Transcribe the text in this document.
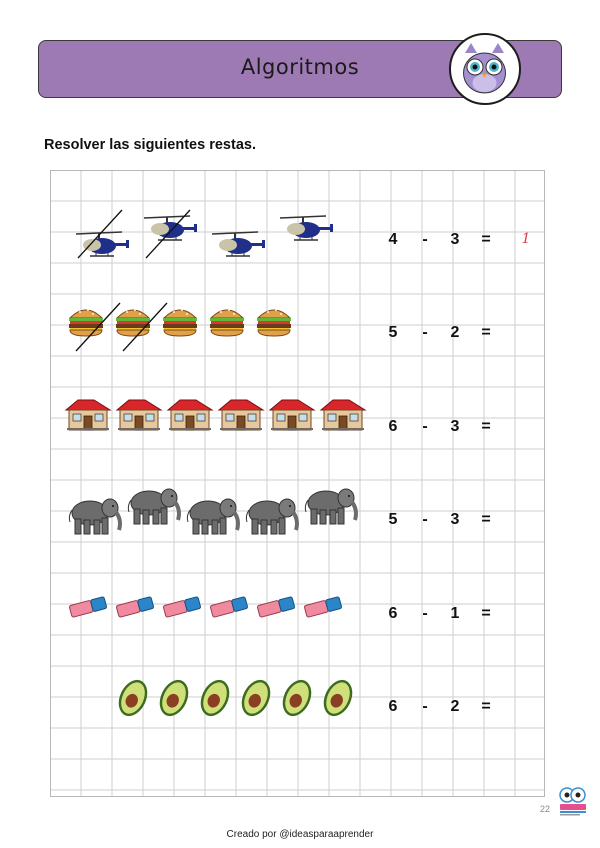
Algoritmos
Resolver las siguientes restas.
4	-	3	=	1
5	-	2	=
6	-	3	=
5	-	3	=
6	-	1	=
6	-	2	=
22
Creado por @ideasparaaprender
